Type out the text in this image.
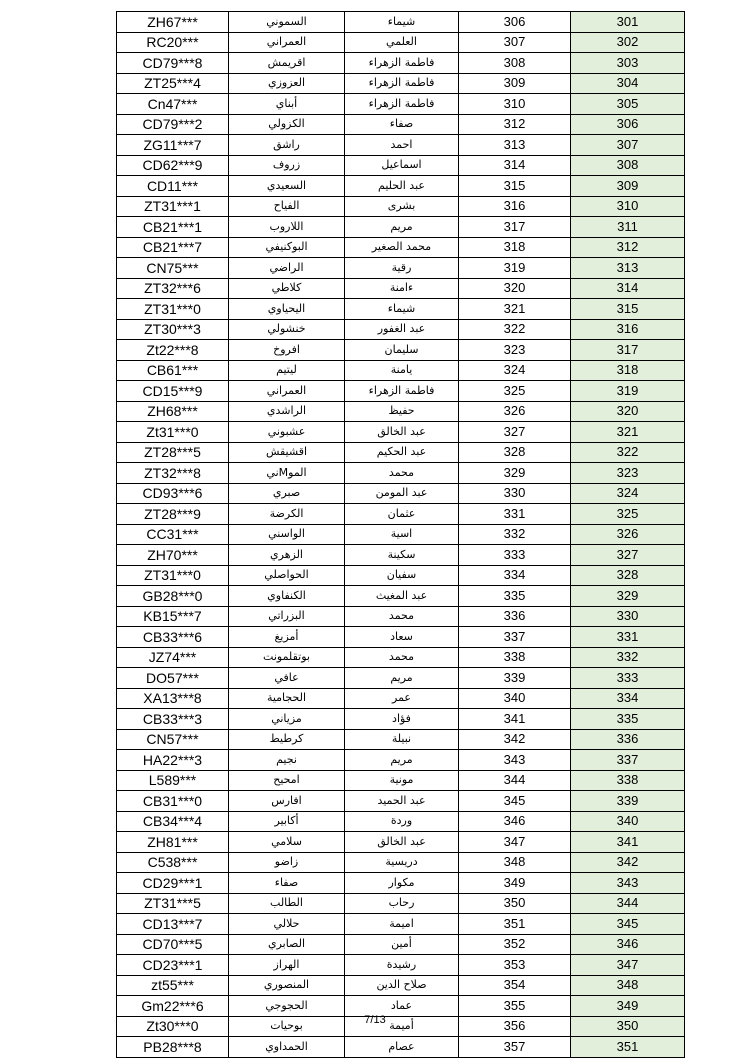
ZH67***	السموني	شيماء	306	301
RC20***	العمراني	العلمي	307	302
CD79***8	اقريمش	فاطمة الزهراء	308	303
ZT25***4	العزوزي	فاطمة الزهراء	309	304
Cn47***	أبناي	فاطمة الزهراء	310	305
CD79***2	الكزولي	صفاء	312	306
ZG11***7	راشق	احمد	313	307
CD62***9	زروف	اسماعيل	314	308
CD11***	السعيدي	عبد الحليم	315	309
ZT31***1	الفياح	بشرى	316	310
CB21***1	اللاروب	مريم	317	311
CB21***7	البوكنيفي	محمد الصغير	318	312
CN75***	الراضي	رقية	319	313
ZT32***6	كلاطي	ءامنة	320	314
ZT31***0	اليحياوي	شيماء	321	315
ZT30***3	خنشولي	عبد الغفور	322	316
Zt22***8	افروخ	سليمان	323	317
CB61***	ليتيم	يامنة	324	318
CD15***9	العمراني	فاطمة الزهراء	325	319
ZH68***	الراشدي	حفيظ	326	320
Zt31***0	عشبوني	عبد الخالق	327	321
ZT28***5	اقشيقش	عبد الحكيم	328	322
ZT32***8	الموMني	محمد	329	323
CD93***6	صبري	عبد المومن	330	324
ZT28***9	الكرضة	عثمان	331	325
CC31***	الواسني	اسية	332	326
ZH70***	الزهري	سكينة	333	327
ZT31***0	الحواصلي	سفيان	334	328
GB28***0	الكنفاوي	عبد المغيث	335	329
KB15***7	البزراتي	محمد	336	330
CB33***6	أمزيغ	سعاد	337	331
JZ74***	بوتقلمونت	محمد	338	332
DO57***	عافي	مريم	339	333
XA13***8	الحجامية	عمر	340	334
CB33***3	مزياني	فؤاد	341	335
CN57***	كرطيط	نبيلة	342	336
HA22***3	نجيم	مريم	343	337
L589***	امحيح	مونية	344	338
CB31***0	افارس	عبد الحميد	345	339
CB34***4	أكابير	وردة	346	340
ZH81***	سلامي	عبد الخالق	347	341
C538***	زاضو	دريسية	348	342
CD29***1	صفاء	مكوار	349	343
ZT31***5	الطالب	رحاب	350	344
CD13***7	حلالي	اميمة	351	345
CD70***5	الصابري	أمين	352	346
CD23***1	الهراز	رشيدة	353	347
zt55***	المنصوري	صلاح الدين	354	348
Gm22***6	الحجوجي	عماد	355	349
Zt30***0	بوحيات	أميمة	356	350
PB28***8	الحمداوي	عصام	357	351
7/13
